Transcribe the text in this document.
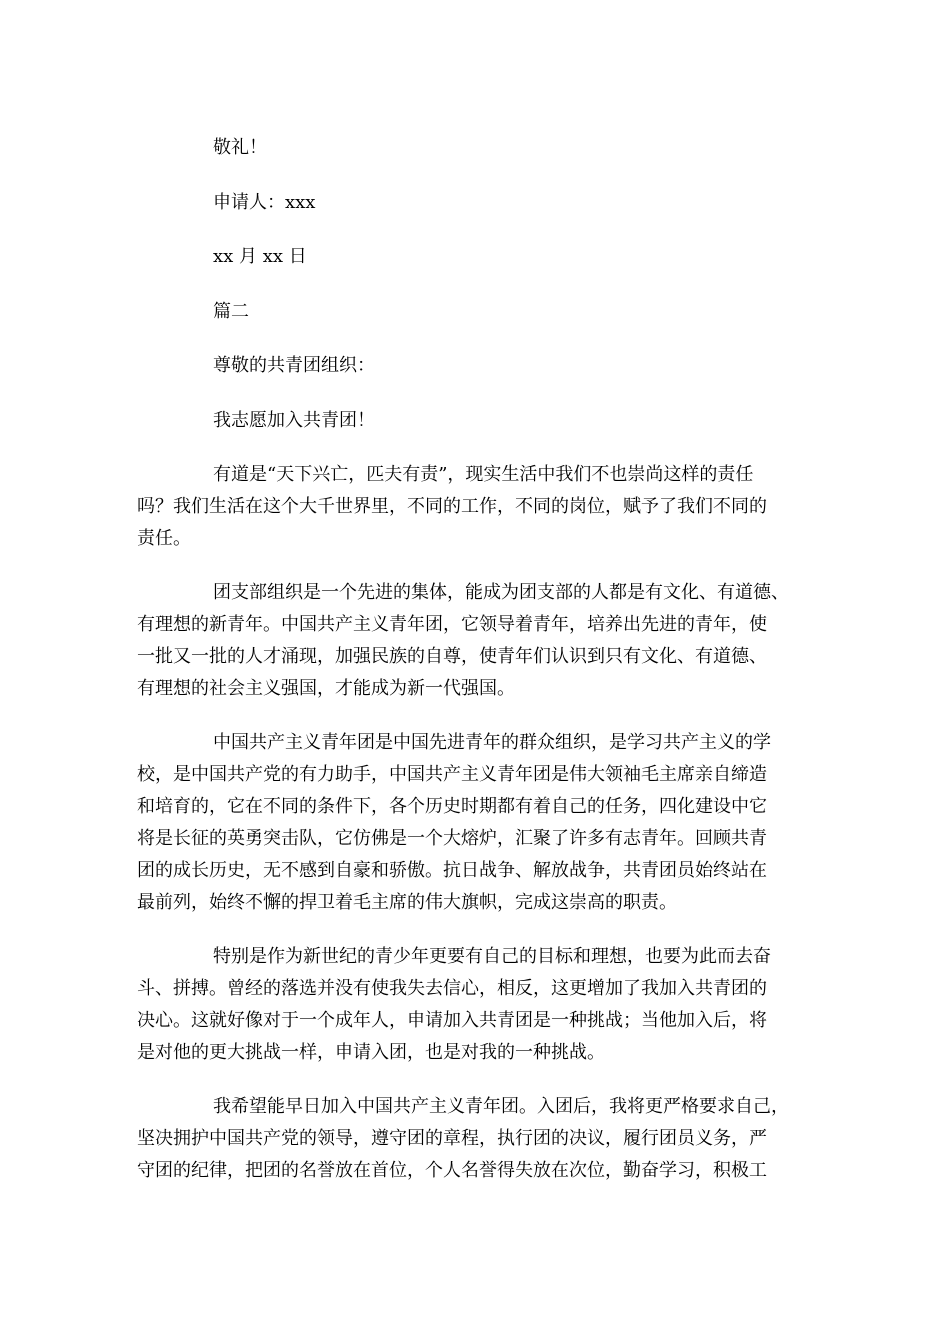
敬礼！
申请人：xxx
xx 月 xx 日
篇二
尊敬的共青团组织：
我志愿加入共青团！
有道是“天下兴亡，匹夫有责”，现实生活中我们不也崇尚这样的责任
吗？我们生活在这个大千世界里，不同的工作，不同的岗位，赋予了我们不同的
责任。
团支部组织是一个先进的集体，能成为团支部的人都是有文化、有道德、
有理想的新青年。中国共产主义青年团，它领导着青年，培养出先进的青年，使
一批又一批的人才涌现，加强民族的自尊，使青年们认识到只有文化、有道德、
有理想的社会主义强国，才能成为新一代强国。
中国共产主义青年团是中国先进青年的群众组织，是学习共产主义的学
校，是中国共产党的有力助手，中国共产主义青年团是伟大领袖毛主席亲自缔造
和培育的，它在不同的条件下，各个历史时期都有着自己的任务，四化建设中它
将是长征的英勇突击队，它仿佛是一个大熔炉，汇聚了许多有志青年。回顾共青
团的成长历史，无不感到自豪和骄傲。抗日战争、解放战争，共青团员始终站在
最前列，始终不懈的捍卫着毛主席的伟大旗帜，完成这崇高的职责。
特别是作为新世纪的青少年更要有自己的目标和理想，也要为此而去奋
斗、拼搏。曾经的落选并没有使我失去信心，相反，这更增加了我加入共青团的
决心。这就好像对于一个成年人，申请加入共青团是一种挑战；当他加入后，将
是对他的更大挑战一样，申请入团，也是对我的一种挑战。
我希望能早日加入中国共产主义青年团。入团后，我将更严格要求自己，
坚决拥护中国共产党的领导，遵守团的章程，执行团的决议，履行团员义务，严
守团的纪律，把团的名誉放在首位，个人名誉得失放在次位，勤奋学习，积极工
